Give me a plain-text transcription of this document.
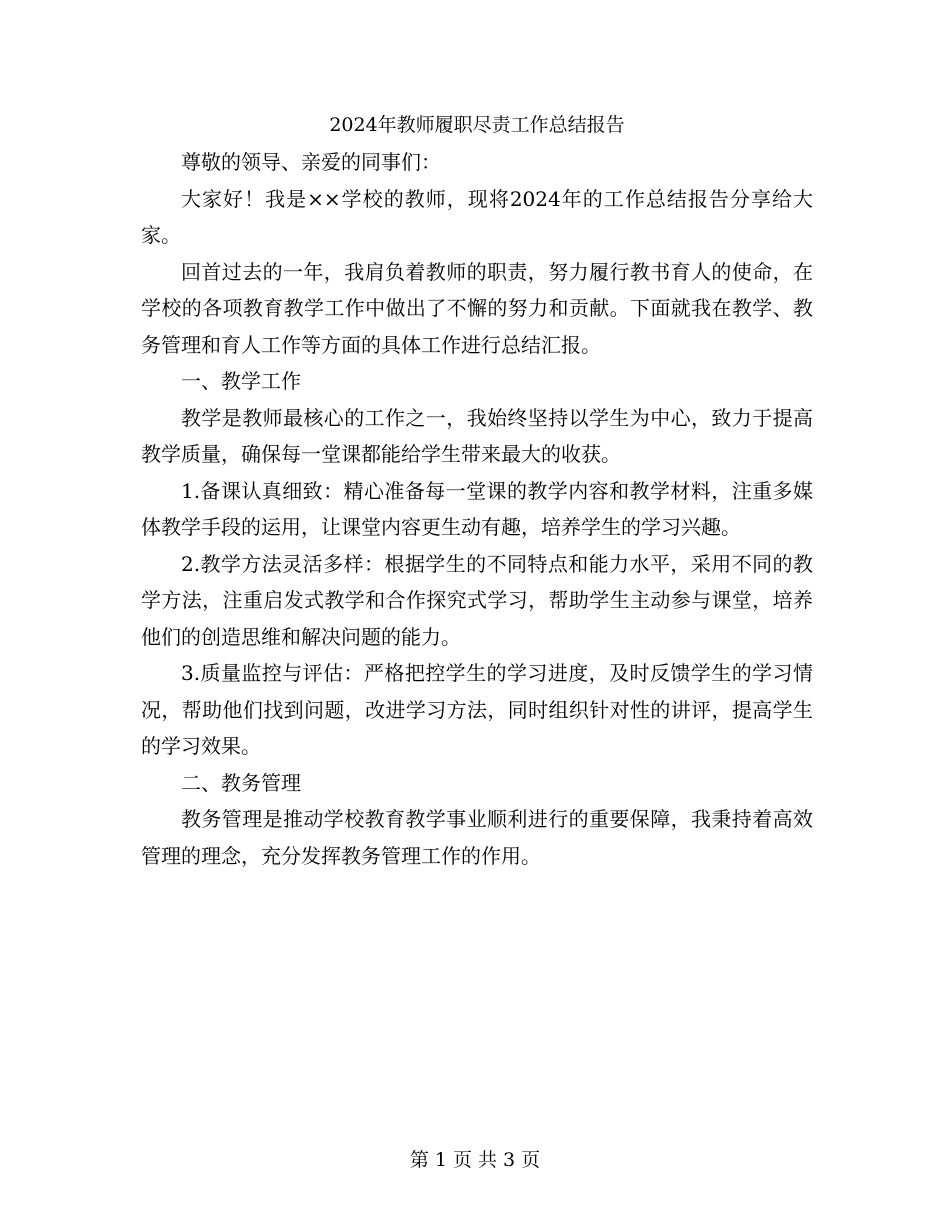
2024年教师履职尽责工作总结报告

尊敬的领导、亲爱的同事们：

大家好！我是××学校的教师，现将2024年的工作总结报告分享给大家。

回首过去的一年，我肩负着教师的职责，努力履行教书育人的使命，在学校的各项教育教学工作中做出了不懈的努力和贡献。下面就我在教学、教务管理和育人工作等方面的具体工作进行总结汇报。

一、教学工作

教学是教师最核心的工作之一，我始终坚持以学生为中心，致力于提高教学质量，确保每一堂课都能给学生带来最大的收获。

1.备课认真细致：精心准备每一堂课的教学内容和教学材料，注重多媒体教学手段的运用，让课堂内容更生动有趣，培养学生的学习兴趣。

2.教学方法灵活多样：根据学生的不同特点和能力水平，采用不同的教学方法，注重启发式教学和合作探究式学习，帮助学生主动参与课堂，培养他们的创造思维和解决问题的能力。

3.质量监控与评估：严格把控学生的学习进度，及时反馈学生的学习情况，帮助他们找到问题，改进学习方法，同时组织针对性的讲评，提高学生的学习效果。

二、教务管理

教务管理是推动学校教育教学事业顺利进行的重要保障，我秉持着高效管理的理念，充分发挥教务管理工作的作用。

第 1 页 共 3 页
